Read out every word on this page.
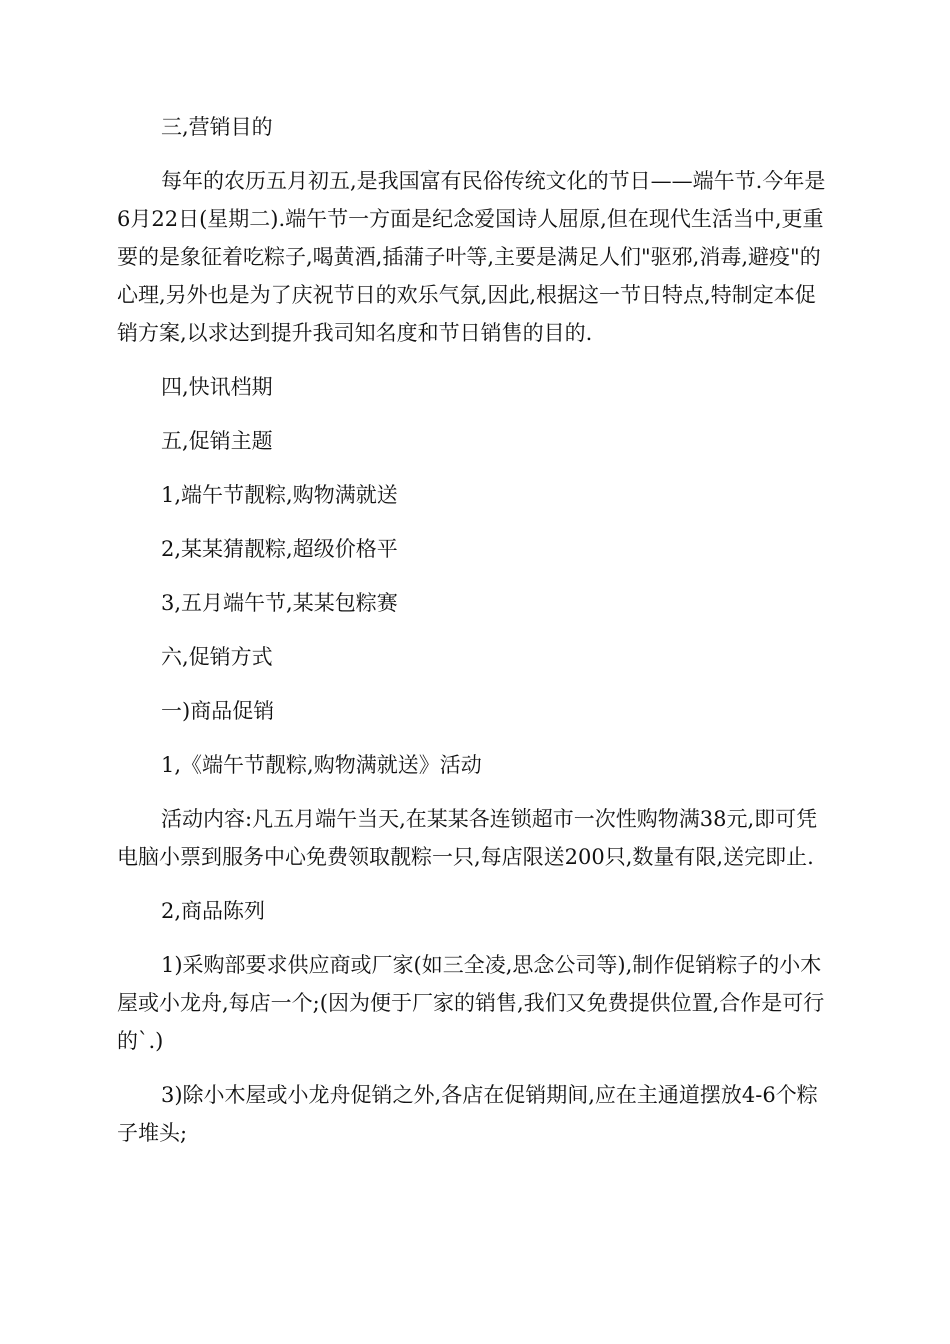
三,营销目的

每年的农历五月初五,是我国富有民俗传统文化的节日——端午节.今年是6月22日(星期二).端午节一方面是纪念爱国诗人屈原,但在现代生活当中,更重要的是象征着吃粽子,喝黄酒,插蒲子叶等,主要是满足人们"驱邪,消毒,避疫"的心理,另外也是为了庆祝节日的欢乐气氛,因此,根据这一节日特点,特制定本促销方案,以求达到提升我司知名度和节日销售的目的.

四,快讯档期

五,促销主题

1,端午节靓粽,购物满就送

2,某某猜靓粽,超级价格平

3,五月端午节,某某包粽赛

六,促销方式

一)商品促销

1,《端午节靓粽,购物满就送》活动

活动内容:凡五月端午当天,在某某各连锁超市一次性购物满38元,即可凭电脑小票到服务中心免费领取靓粽一只,每店限送200只,数量有限,送完即止.

2,商品陈列

1)采购部要求供应商或厂家(如三全凌,思念公司等),制作促销粽子的小木屋或小龙舟,每店一个;(因为便于厂家的销售,我们又免费提供位置,合作是可行的`.)

3)除小木屋或小龙舟促销之外,各店在促销期间,应在主通道摆放4-6个粽子堆头;
